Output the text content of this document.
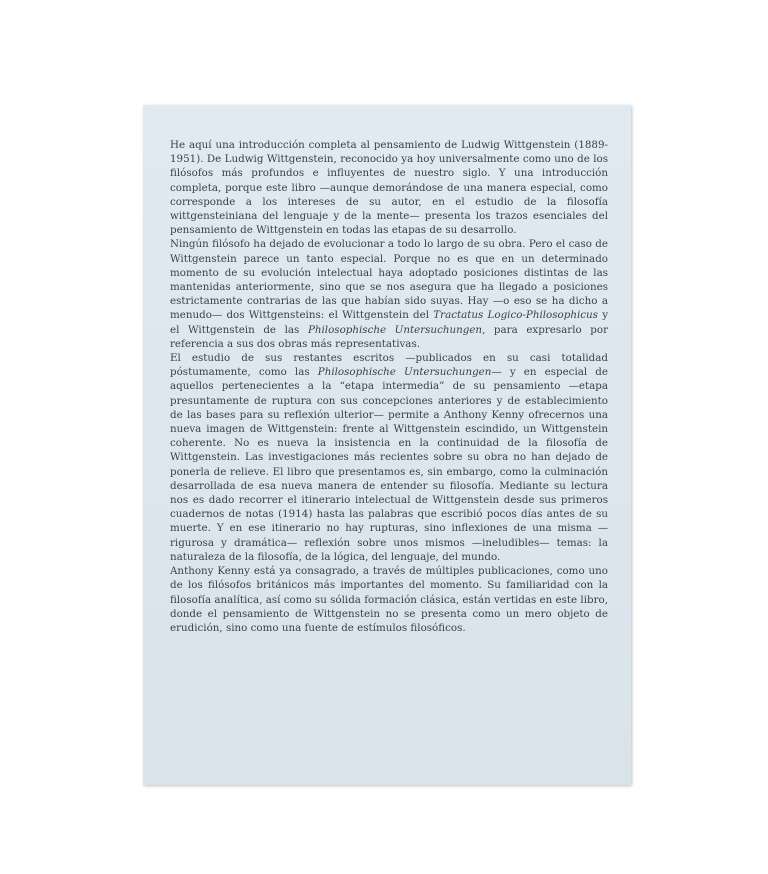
He aquí una introducción completa al pensamiento de Ludwig Wittgenstein (1889-1951). De Ludwig Wittgenstein, reconocido ya hoy universalmente como uno de los filósofos más profundos e influyentes de nuestro siglo. Y una introducción completa, porque este libro —aunque demorándose de una manera especial, como corresponde a los intereses de su autor, en el estudio de la filosofía wittgensteiniana del lenguaje y de la mente— presenta los trazos esenciales del pensamiento de Wittgenstein en todas las etapas de su desarrollo.

Ningún filósofo ha dejado de evolucionar a todo lo largo de su obra. Pero el caso de Wittgenstein parece un tanto especial. Porque no es que en un determinado momento de su evolución intelectual haya adoptado posiciones distintas de las mantenidas anteriormente, sino que se nos asegura que ha llegado a posiciones estrictamente contrarias de las que habían sido suyas. Hay —o eso se ha dicho a menudo— dos Wittgensteins: el Wittgenstein del Tractatus Logico-Philosophicus y el Wittgenstein de las Philosophische Untersuchungen, para expresarlo por referencia a sus dos obras más representativas.

El estudio de sus restantes escritos —publicados en su casi totalidad póstumamente, como las Philosophische Untersuchungen— y en especial de aquellos pertenecientes a la “etapa intermedia” de su pensamiento —etapa presuntamente de ruptura con sus concepciones anteriores y de establecimiento de las bases para su reflexión ulterior— permite a Anthony Kenny ofrecernos una nueva imagen de Wittgenstein: frente al Wittgenstein escindido, un Wittgenstein coherente. No es nueva la insistencia en la continuidad de la filosofía de Wittgenstein. Las investigaciones más recientes sobre su obra no han dejado de ponerla de relieve. El libro que presentamos es, sin embargo, como la culminación desarrollada de esa nueva manera de entender su filosofía. Mediante su lectura nos es dado recorrer el itinerario intelectual de Wittgenstein desde sus primeros cuadernos de notas (1914) hasta las palabras que escribió pocos días antes de su muerte. Y en ese itinerario no hay rupturas, sino inflexiones de una misma —rigurosa y dramática— reflexión sobre unos mismos —ineludibles— temas: la naturaleza de la filosofía, de la lógica, del lenguaje, del mundo.

Anthony Kenny está ya consagrado, a través de múltiples publicaciones, como uno de los filósofos británicos más importantes del momento. Su familiaridad con la filosofía analítica, así como su sólida formación clásica, están vertidas en este libro, donde el pensamiento de Wittgenstein no se presenta como un mero objeto de erudición, sino como una fuente de estímulos filosóficos.
